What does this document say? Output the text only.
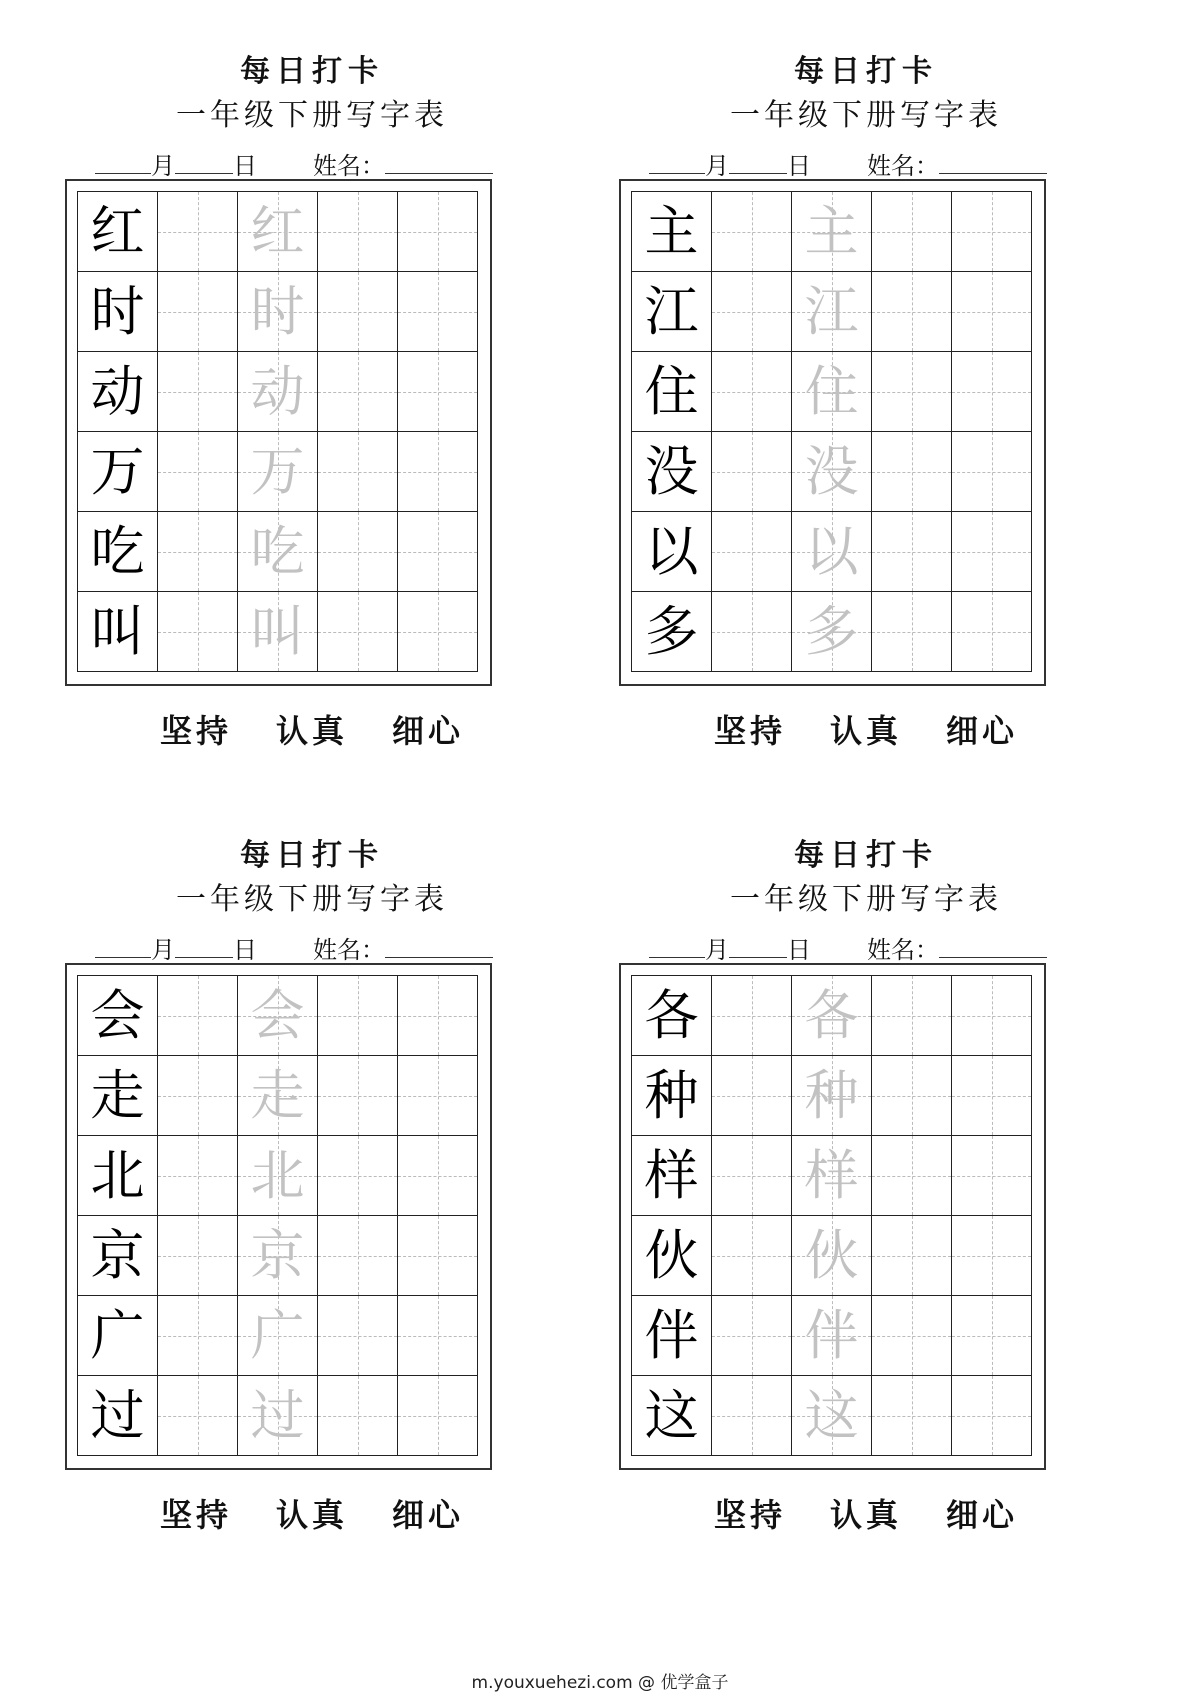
每日打卡
一年级下册写字表
月 日 姓名：
红 红
时 时
动 动
万 万
吃 吃
叫 叫
坚持 认真 细心
每日打卡
一年级下册写字表
月 日 姓名：
主 主
江 江
住 住
没 没
以 以
多 多
坚持 认真 细心
每日打卡
一年级下册写字表
月 日 姓名：
会 会
走 走
北 北
京 京
广 广
过 过
坚持 认真 细心
每日打卡
一年级下册写字表
月 日 姓名：
各 各
种 种
样 样
伙 伙
伴 伴
这 这
坚持 认真 细心
m.youxuehezi.com @ 优学盒子
